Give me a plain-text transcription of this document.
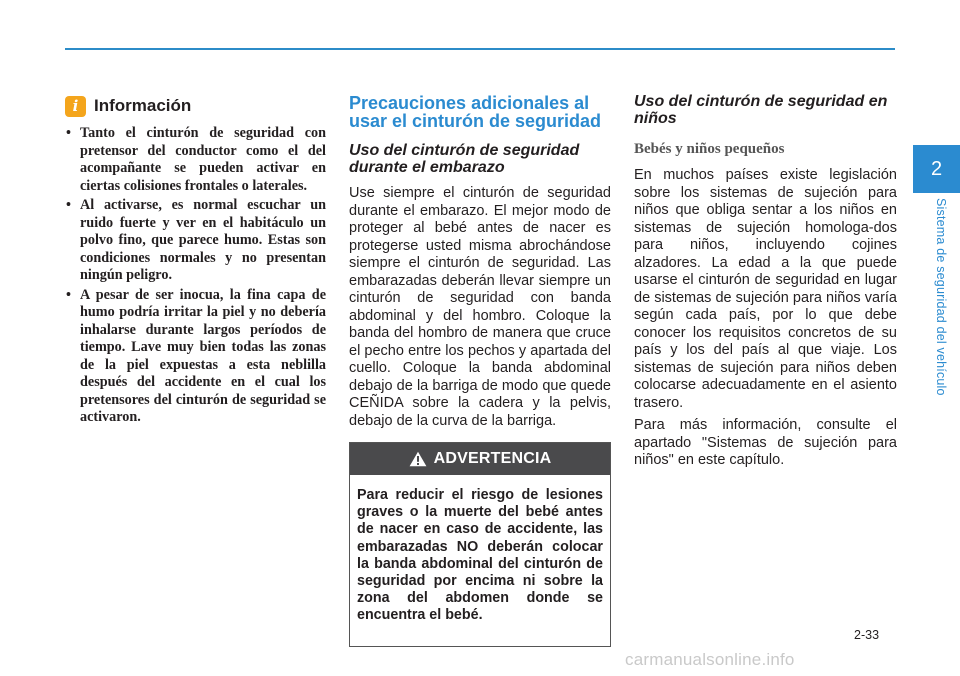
i Información
• Tanto el cinturón de seguridad con pretensor del conductor como el del acompañante se pueden activar en ciertas colisiones frontales o laterales.
• Al activarse, es normal escuchar un ruido fuerte y ver en el habitáculo un polvo fino, que parece humo. Estas son condiciones normales y no presentan ningún peligro.
• A pesar de ser inocua, la fina capa de humo podría irritar la piel y no debería inhalarse durante largos períodos de tiempo. Lave muy bien todas las zonas de la piel expuestas a esta neblilla después del accidente en el cual los pretensores del cinturón de seguridad se activaron.
Precauciones adicionales al usar el cinturón de seguridad
Uso del cinturón de seguridad durante el embarazo

Use siempre el cinturón de seguridad durante el embarazo. El mejor modo de proteger al bebé antes de nacer es protegerse usted misma abrochándose siempre el cinturón de seguridad. Las embarazadas deberán llevar siempre un cinturón de seguridad con banda abdominal y del hombro. Coloque la banda del hombro de manera que cruce el pecho entre los pechos y apartada del cuello. Coloque la banda abdominal debajo de la barriga de modo que quede CEÑIDA sobre la cadera y la pelvis, debajo de la curva de la barriga.

ADVERTENCIA

Para reducir el riesgo de lesiones graves o la muerte del bebé antes de nacer en caso de accidente, las embarazadas NO deberán colocar la banda abdominal del cinturón de seguridad por encima ni sobre la zona del abdomen donde se encuentra el bebé.

Uso del cinturón de seguridad en niños
Bebés y niños pequeños

En muchos países existe legislación sobre los sistemas de sujeción para niños que obliga sentar a los niños en sistemas de sujeción homologa-dos para niños, incluyendo cojines alzadores. La edad a la que puede usarse el cinturón de seguridad en lugar de sistemas de sujeción para niños varía según cada país, por lo que debe conocer los requisitos concretos de su país y los del país al que viaje. Los sistemas de sujeción para niños deben colocarse adecuadamente en el asiento trasero.

Para más información, consulte el apartado "Sistemas de sujeción para niños" en este capítulo.

2
Sistema de seguridad del vehículo
2-33
carmanualsonline.info
